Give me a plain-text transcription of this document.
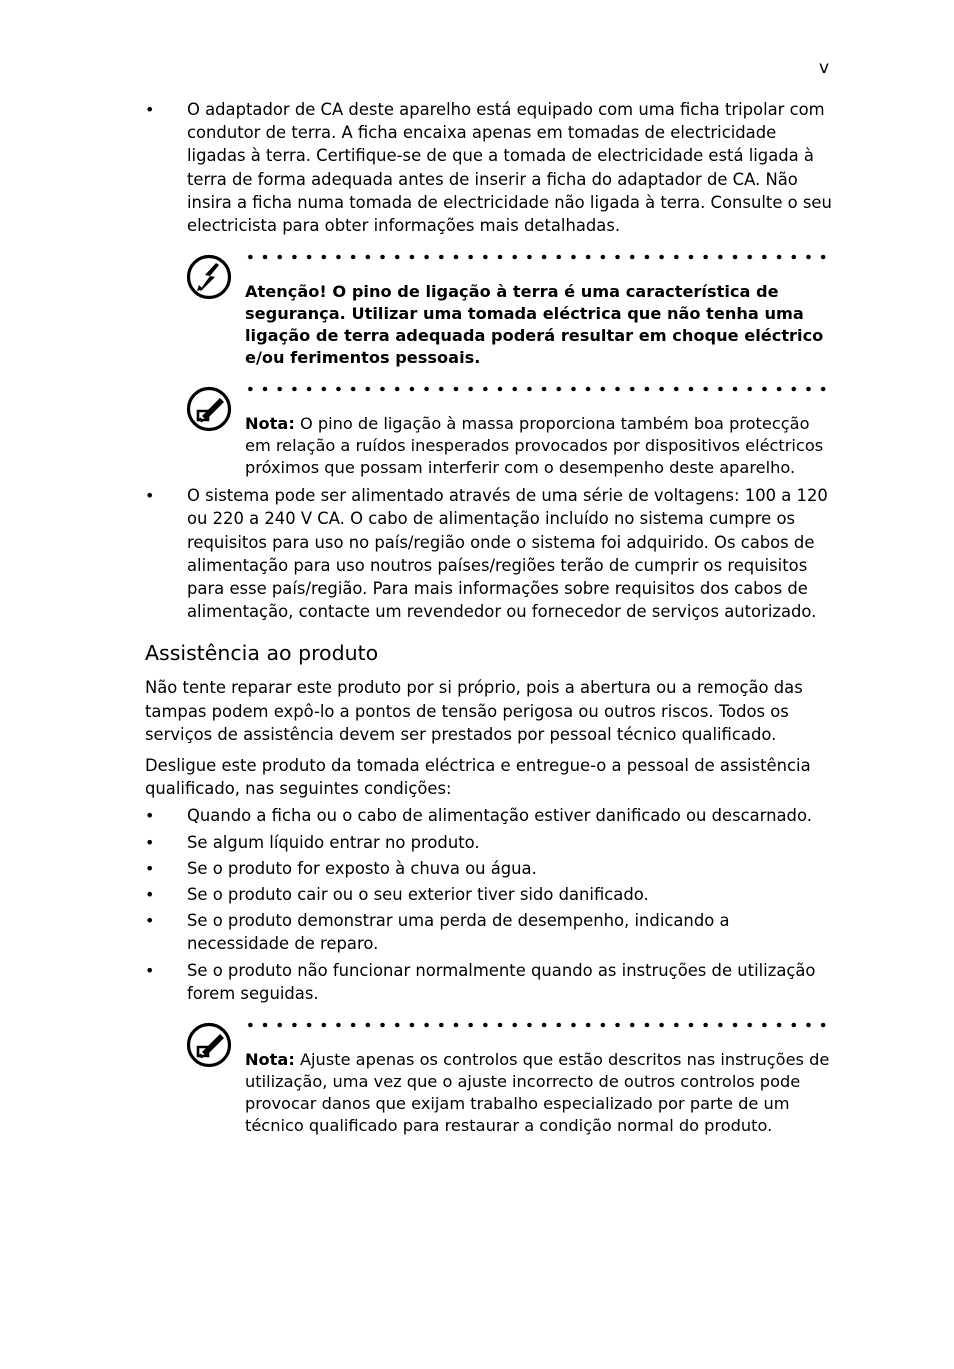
v
• O adaptador de CA deste aparelho está equipado com uma ficha tripolar com condutor de terra. A ficha encaixa apenas em tomadas de electricidade ligadas à terra. Certifique-se de que a tomada de electricidade está ligada à terra de forma adequada antes de inserir a ficha do adaptador de CA. Não insira a ficha numa tomada de electricidade não ligada à terra. Consulte o seu electricista para obter informações mais detalhadas.
Atenção! O pino de ligação à terra é uma característica de segurança. Utilizar uma tomada eléctrica que não tenha uma ligação de terra adequada poderá resultar em choque eléctrico e/ou ferimentos pessoais.
Nota: O pino de ligação à massa proporciona também boa protecção em relação a ruídos inesperados provocados por dispositivos eléctricos próximos que possam interferir com o desempenho deste aparelho.
• O sistema pode ser alimentado através de uma série de voltagens: 100 a 120 ou 220 a 240 V CA. O cabo de alimentação incluído no sistema cumpre os requisitos para uso no país/região onde o sistema foi adquirido. Os cabos de alimentação para uso noutros países/regiões terão de cumprir os requisitos para esse país/região. Para mais informações sobre requisitos dos cabos de alimentação, contacte um revendedor ou fornecedor de serviços autorizado.
Assistência ao produto
Não tente reparar este produto por si próprio, pois a abertura ou a remoção das tampas podem expô-lo a pontos de tensão perigosa ou outros riscos. Todos os serviços de assistência devem ser prestados por pessoal técnico qualificado.
Desligue este produto da tomada eléctrica e entregue-o a pessoal de assistência qualificado, nas seguintes condições:
• Quando a ficha ou o cabo de alimentação estiver danificado ou descarnado.
• Se algum líquido entrar no produto.
• Se o produto for exposto à chuva ou água.
• Se o produto cair ou o seu exterior tiver sido danificado.
• Se o produto demonstrar uma perda de desempenho, indicando a necessidade de reparo.
• Se o produto não funcionar normalmente quando as instruções de utilização forem seguidas.
Nota: Ajuste apenas os controlos que estão descritos nas instruções de utilização, uma vez que o ajuste incorrecto de outros controlos pode provocar danos que exijam trabalho especializado por parte de um técnico qualificado para restaurar a condição normal do produto.
